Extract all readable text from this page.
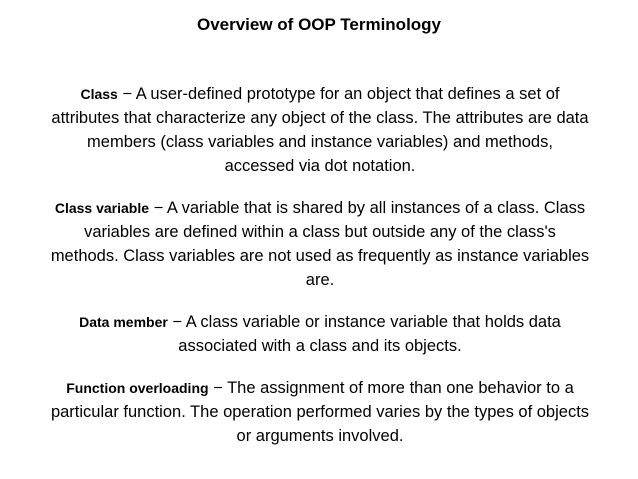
Overview of OOP Terminology

Class − A user-defined prototype for an object that defines a set of attributes that characterize any object of the class. The attributes are data members (class variables and instance variables) and methods, accessed via dot notation.

Class variable − A variable that is shared by all instances of a class. Class variables are defined within a class but outside any of the class's methods. Class variables are not used as frequently as instance variables are.

Data member − A class variable or instance variable that holds data associated with a class and its objects.

Function overloading − The assignment of more than one behavior to a particular function. The operation performed varies by the types of objects or arguments involved.
